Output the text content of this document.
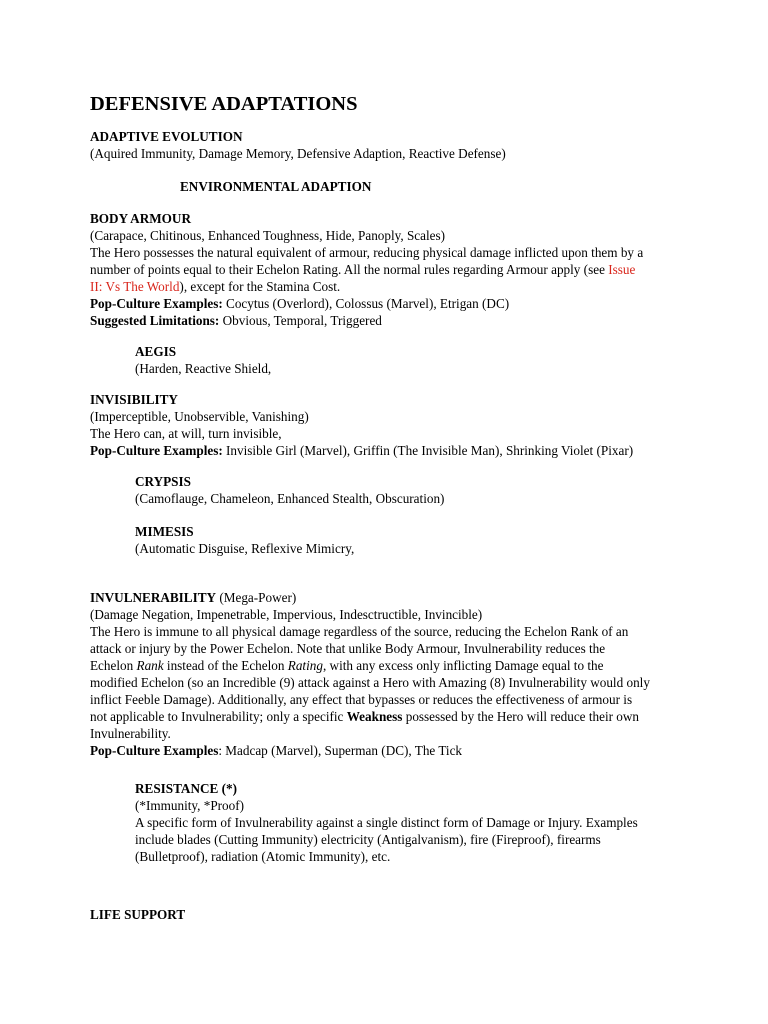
DEFENSIVE ADAPTATIONS
ADAPTIVE EVOLUTION
(Aquired Immunity, Damage Memory, Defensive Adaption, Reactive Defense)
ENVIRONMENTAL ADAPTION
BODY ARMOUR
(Carapace, Chitinous, Enhanced Toughness, Hide, Panoply, Scales)
The Hero possesses the natural equivalent of armour, reducing physical damage inflicted upon them by a
number of points equal to their Echelon Rating. All the normal rules regarding Armour apply (see Issue
II: Vs The World), except for the Stamina Cost.
Pop-Culture Examples: Cocytus (Overlord), Colossus (Marvel), Etrigan (DC)
Suggested Limitations: Obvious, Temporal, Triggered
AEGIS
(Harden, Reactive Shield,
INVISIBILITY
(Imperceptible, Unobservible, Vanishing)
The Hero can, at will, turn invisible,
Pop-Culture Examples: Invisible Girl (Marvel), Griffin (The Invisible Man), Shrinking Violet (Pixar)
CRYPSIS
(Camoflauge, Chameleon, Enhanced Stealth, Obscuration)
MIMESIS
(Automatic Disguise, Reflexive Mimicry,
INVULNERABILITY (Mega-Power)
(Damage Negation, Impenetrable, Impervious, Indesctructible, Invincible)
The Hero is immune to all physical damage regardless of the source, reducing the Echelon Rank of an
attack or injury by the Power Echelon. Note that unlike Body Armour, Invulnerability reduces the
Echelon Rank instead of the Echelon Rating, with any excess only inflicting Damage equal to the
modified Echelon (so an Incredible (9) attack against a Hero with Amazing (8) Invulnerability would only
inflict Feeble Damage). Additionally, any effect that bypasses or reduces the effectiveness of armour is
not applicable to Invulnerability; only a specific Weakness possessed by the Hero will reduce their own
Invulnerability.
Pop-Culture Examples: Madcap (Marvel), Superman (DC), The Tick
RESISTANCE (*)
(*Immunity, *Proof)
A specific form of Invulnerability against a single distinct form of Damage or Injury. Examples
include blades (Cutting Immunity) electricity (Antigalvanism), fire (Fireproof), firearms
(Bulletproof), radiation (Atomic Immunity), etc.
LIFE SUPPORT
